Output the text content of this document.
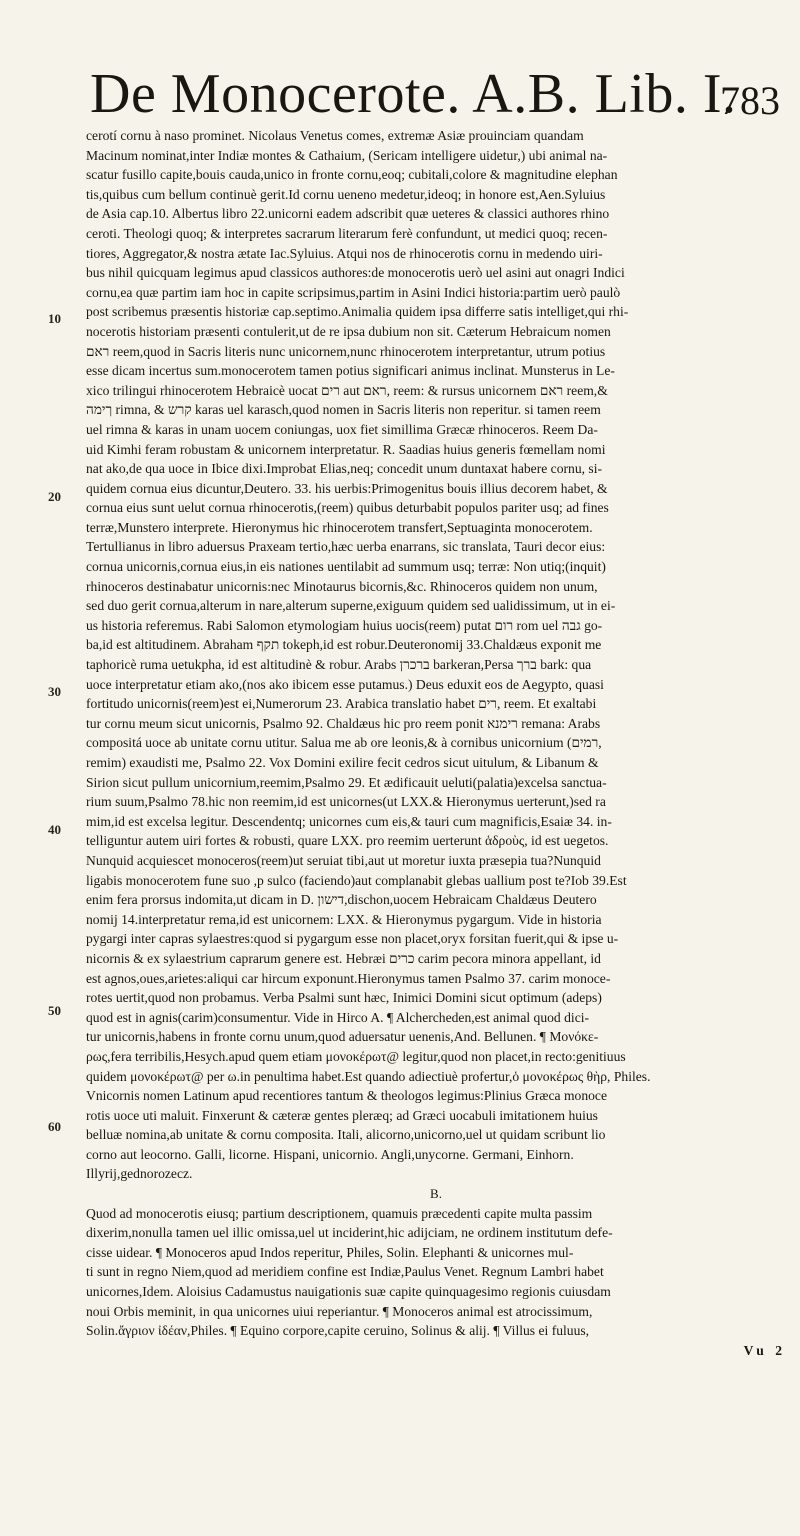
De Monocerote. A.B. Lib. I.
783
10
20
30
40
50
60
cerotí cornu à naso prominet. Nicolaus Venetus comes, extremæ Asiæ prouinciam quandam
Macinum nominat,inter Indiæ montes & Cathaium, (Sericam intelligere uidetur,) ubi animal na-
scatur fusillo capite,bouis cauda,unico in fronte cornu,eoq; cubitali,colore & magnitudine elephan
tis,quibus cum bellum continuè gerit.Id cornu ueneno medetur,ideoq; in honore est,Aen.Syluius
de Asia cap.10. Albertus libro 22.unicorni eadem adscribit quæ ueteres & classici authores rhino
ceroti. Theologi quoq; & interpretes sacrarum literarum ferè confundunt, ut medici quoq; recen-
tiores, Aggregator,& nostra ætate Iac.Syluius. Atqui nos de rhinocerotis cornu in medendo uiri-
bus nihil quicquam legimus apud classicos authores:de monocerotis uerò uel asini aut onagri Indici
cornu,ea quæ partim iam hoc in capite scripsimus,partim in Asini Indici historia:partim uerò paulò
post scribemus præsentis historiæ cap.septimo.Animalia quidem ipsa differre satis intelliget,qui rhi-
nocerotis historiam præsenti contulerit,ut de re ipsa dubium non sit. Cæterum Hebraicum nomen
ראם reem,quod in Sacris literis nunc unicornem,nunc rhinocerotem interpretantur, utrum potius
esse dicam incertus sum.monocerotem tamen potius significari animus inclinat. Munsterus in Le-
xico trilingui rhinocerotem Hebraicè uocat רים aut ראם, reem: & rursus unicornem ראם reem,&
ךימה rimna, & קרש karas uel karasch,quod nomen in Sacris literis non reperitur. si tamen reem
uel rimna & karas in unam uocem coniungas, uox fiet simillima Græcæ rhinoceros. Reem Da-
uid Kimhi feram robustam & unicornem interpretatur. R. Saadias huius generis fœmellam nomi
nat ako,de qua uoce in Ibice dixi.Improbat Elias,neq; concedit unum duntaxat habere cornu, si-
quidem cornua eius dicuntur,Deutero. 33. his uerbis:Primogenitus bouis illius decorem habet, &
cornua eius sunt uelut cornua rhinocerotis,(reem) quibus deturbabit populos pariter usq; ad fines
terræ,Munstero interprete. Hieronymus hic rhinocerotem transfert,Septuaginta monocerotem.
Tertullianus in libro aduersus Praxeam tertio,hæc uerba enarrans, sic translata, Tauri decor eius:
cornua unicornis,cornua eius,in eis nationes uentilabit ad summum usq; terræ: Non utiq;(inquit)
rhinoceros destinabatur unicornis:nec Minotaurus bicornis,&c. Rhinoceros quidem non unum,
sed duo gerit cornua,alterum in nare,alterum superne,exiguum quidem sed ualidissimum, ut in ei-
us historia referemus. Rabi Salomon etymologiam huius uocis(reem) putat רום rom uel גבה go-
ba,id est altitudinem. Abraham תקף tokeph,id est robur.Deuteronomij 33.Chaldæus exponit me
taphoricè ruma uetukpha, id est altitudinè & robur. Arabs ברכרן barkeran,Persa ברך bark: qua
uoce interpretatur etiam ako,(nos ako ibicem esse putamus.) Deus eduxit eos de Aegypto, quasi
fortitudo unicornis(reem)est ei,Numerorum 23. Arabica translatio habet רים, reem. Et exaltabi
tur cornu meum sicut unicornis, Psalmo 92. Chaldæus hic pro reem ponit רימנא remana: Arabs
compositá uoce ab unitate cornu utitur. Salua me ab ore leonis,& à cornibus unicornium (רמים,
remim) exaudisti me, Psalmo 22. Vox Domini exilire fecit cedros sicut uitulum, & Libanum &
Sirion sicut pullum unicornium,reemim,Psalmo 29. Et ædificauit ueluti(palatia)excelsa sanctua-
rium suum,Psalmo 78.hic non reemim,id est unicornes(ut LXX.& Hieronymus uerterunt,)sed ra
mim,id est excelsa legitur. Descendentq; unicornes cum eis,& tauri cum magnificis,Esaiæ 34. in-
telliguntur autem uiri fortes & robusti, quare LXX. pro reemim uerterunt ἁδροὺς, id est uegetos.
Nunquid acquiescet monoceros(reem)ut seruiat tibi,aut ut moretur iuxta præsepia tua?Nunquid
ligabis monocerotem fune suo ,p sulco (faciendo)aut complanabit glebas uallium post te?Iob 39.Est
enim fera prorsus indomita,ut dicam in D. דישון,dischon,uocem Hebraicam Chaldæus Deutero
nomij 14.interpretatur rema,id est unicornem: LXX. & Hieronymus pygargum. Vide in historia
pygargi inter capras sylaestres:quod si pygargum esse non placet,oryx forsitan fuerit,qui & ipse u-
nicornis & ex sylaestrium caprarum genere est. Hebræi כרים carim pecora minora appellant, id
est agnos,oues,arietes:aliqui car hircum exponunt.Hieronymus tamen Psalmo 37. carim monoce-
rotes uertit,quod non probamus. Verba Psalmi sunt hæc, Inimici Domini sicut optimum (adeps)
quod est in agnis(carim)consumentur. Vide in Hirco A. ¶ Alchercheden,est animal quod dici-
tur unicornis,habens in fronte cornu unum,quod aduersatur uenenis,And. Bellunen. ¶ Μονόκε-
ρως,fera terribilis,Hesych.apud quem etiam μονοκέρωτ@ legitur,quod non placet,in recto:genitiuus
quidem μονοκέρωτ@ per ω.in penultima habet.Est quando adiectiuè profertur,ὁ μονοκέρως θὴρ, Philes.
Vnicornis nomen Latinum apud recentiores tantum & theologos legimus:Plinius Græca monoce
rotis uoce uti maluit. Finxerunt & cæteræ gentes pleræq; ad Græci uocabuli imitationem huius
belluæ nomina,ab unitate & cornu composita. Itali, alicorno,unicorno,uel ut quidam scribunt lio
corno aut leocorno. Galli, licorne. Hispani, unicornio. Angli,unycorne. Germani, Einhorn.
Illyrij,gednorozecz.
B.
Quod ad monocerotis eiusq; partium descriptionem, quamuis præcedenti capite multa passim
dixerim,nonulla tamen uel illic omissa,uel ut inciderint,hic adijciam, ne ordinem institutum defe-
cisse uidear. ¶ Monoceros apud Indos reperitur, Philes, Solin. Elephanti & unicornes mul-
ti sunt in regno Niem,quod ad meridiem confine est Indiæ,Paulus Venet. Regnum Lambri habet
unicornes,Idem. Aloisius Cadamustus nauigationis suæ capite quinquagesimo regionis cuiusdam
noui Orbis meminit, in qua unicornes uiui reperiantur. ¶ Monoceros animal est atrocissimum,
Solin.ἄγριον ἰδέαν,Philes. ¶ Equino corpore,capite ceruino, Solinus & alij. ¶ Villus ei fuluus,
Vu 2
